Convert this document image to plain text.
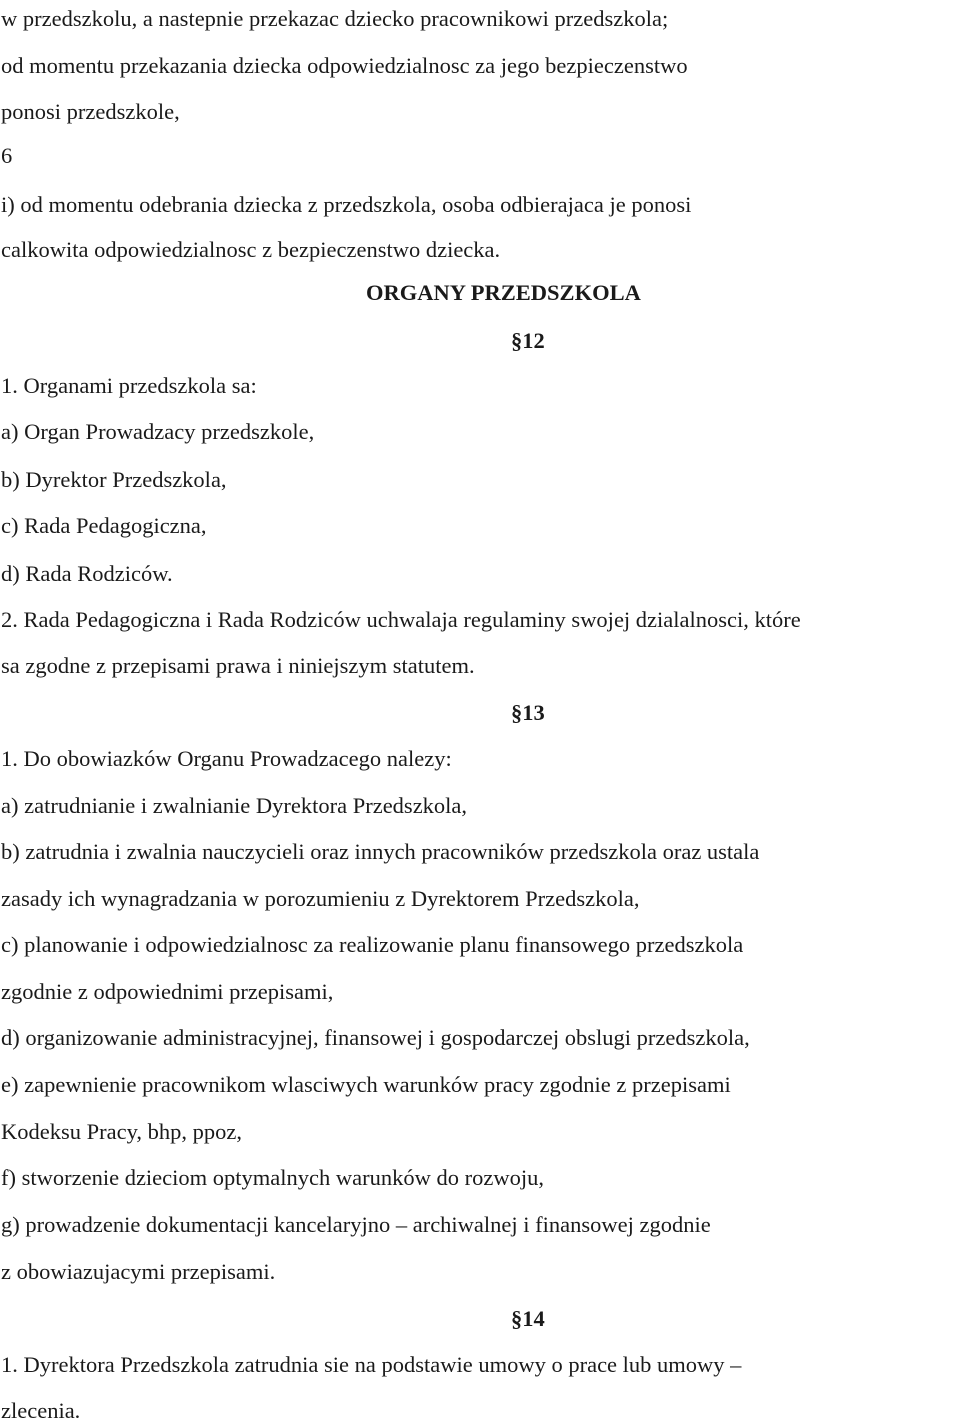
w przedszkolu, a nastepnie przekazac dziecko pracownikowi przedszkola;

od momentu przekazania dziecka odpowiedzialnosc za jego bezpieczenstwo

ponosi przedszkole,

6

i) od momentu odebrania dziecka z przedszkola, osoba odbierajaca je ponosi

calkowita odpowiedzialnosc z bezpieczenstwo dziecka.

ORGANY PRZEDSZKOLA

§12

1. Organami przedszkola sa:

a) Organ Prowadzacy przedszkole,

b) Dyrektor Przedszkola,

c) Rada Pedagogiczna,

d) Rada Rodziców.

2. Rada Pedagogiczna i Rada Rodziców uchwalaja regulaminy swojej dzialalnosci, które

sa zgodne z przepisami prawa i niniejszym statutem.

§13

1. Do obowiazków Organu Prowadzacego nalezy:

a) zatrudnianie i zwalnianie Dyrektora Przedszkola,

b) zatrudnia i zwalnia nauczycieli oraz innych pracowników przedszkola oraz ustala

zasady ich wynagradzania w porozumieniu z Dyrektorem Przedszkola,

c) planowanie i odpowiedzialnosc za realizowanie planu finansowego przedszkola

zgodnie z odpowiednimi przepisami,

d) organizowanie administracyjnej, finansowej i gospodarczej obslugi przedszkola,

e) zapewnienie pracownikom wlasciwych warunków pracy zgodnie z przepisami

Kodeksu Pracy, bhp, ppoz,

f) stworzenie dzieciom optymalnych warunków do rozwoju,

g) prowadzenie dokumentacji kancelaryjno – archiwalnej i finansowej zgodnie

z obowiazujacymi przepisami.

§14

1. Dyrektora Przedszkola zatrudnia sie na podstawie umowy o prace lub umowy –

zlecenia.
